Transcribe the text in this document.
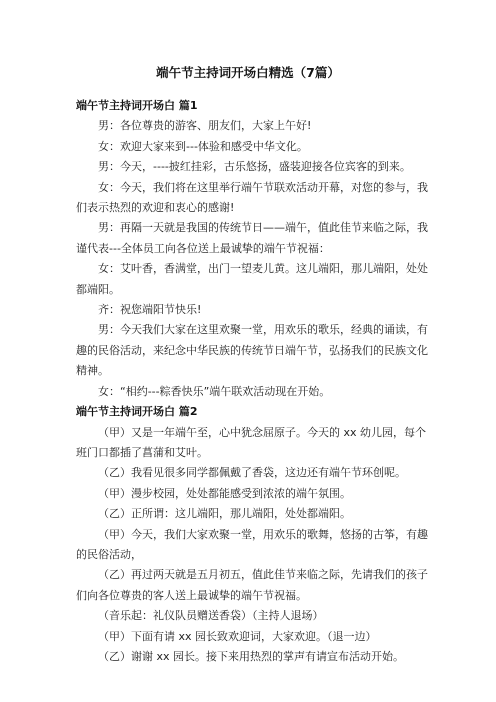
端午节主持词开场白精选（7篇）
端午节主持词开场白 篇1

男：各位尊贵的游客、朋友们，大家上午好!

女：欢迎大家来到---体验和感受中华文化。

男：今天，----披红挂彩，古乐悠扬，盛装迎接各位宾客的到来。

女：今天，我们将在这里举行端午节联欢活动开幕，对您的参与，我们表示热烈的欢迎和衷心的感谢!

男：再隔一天就是我国的传统节日——端午，值此佳节来临之际，我谨代表---全体员工向各位送上最诚挚的端午节祝福：

女：艾叶香，香满堂，出门一望麦儿黄。这儿端阳，那儿端阳，处处都端阳。

齐：祝您端阳节快乐!

男：今天我们大家在这里欢聚一堂，用欢乐的歌乐，经典的诵读，有趣的民俗活动，来纪念中华民族的传统节日端午节，弘扬我们的民族文化精神。

女：“相约---粽香快乐”端午联欢活动现在开始。

端午节主持词开场白 篇2

（甲）又是一年端午至，心中犹念屈原子。今天的 xx 幼儿园，每个班门口都插了菖蒲和艾叶。

（乙）我看见很多同学都佩戴了香袋，这边还有端午节环创呢。

（甲）漫步校园，处处都能感受到浓浓的端午氛围。

（乙）正所谓：这儿端阳，那儿端阳，处处都端阳。

（甲）今天，我们大家欢聚一堂，用欢乐的歌舞，悠扬的古筝，有趣的民俗活动，

（乙）再过两天就是五月初五，值此佳节来临之际，先请我们的孩子们向各位尊贵的客人送上最诚挚的端午节祝福。

（音乐起：礼仪队员赠送香袋）（主持人退场）

（甲）下面有请 xx 园长致欢迎词，大家欢迎。（退一边）

（乙）谢谢 xx 园长。接下来用热烈的掌声有请宣布活动开始。
